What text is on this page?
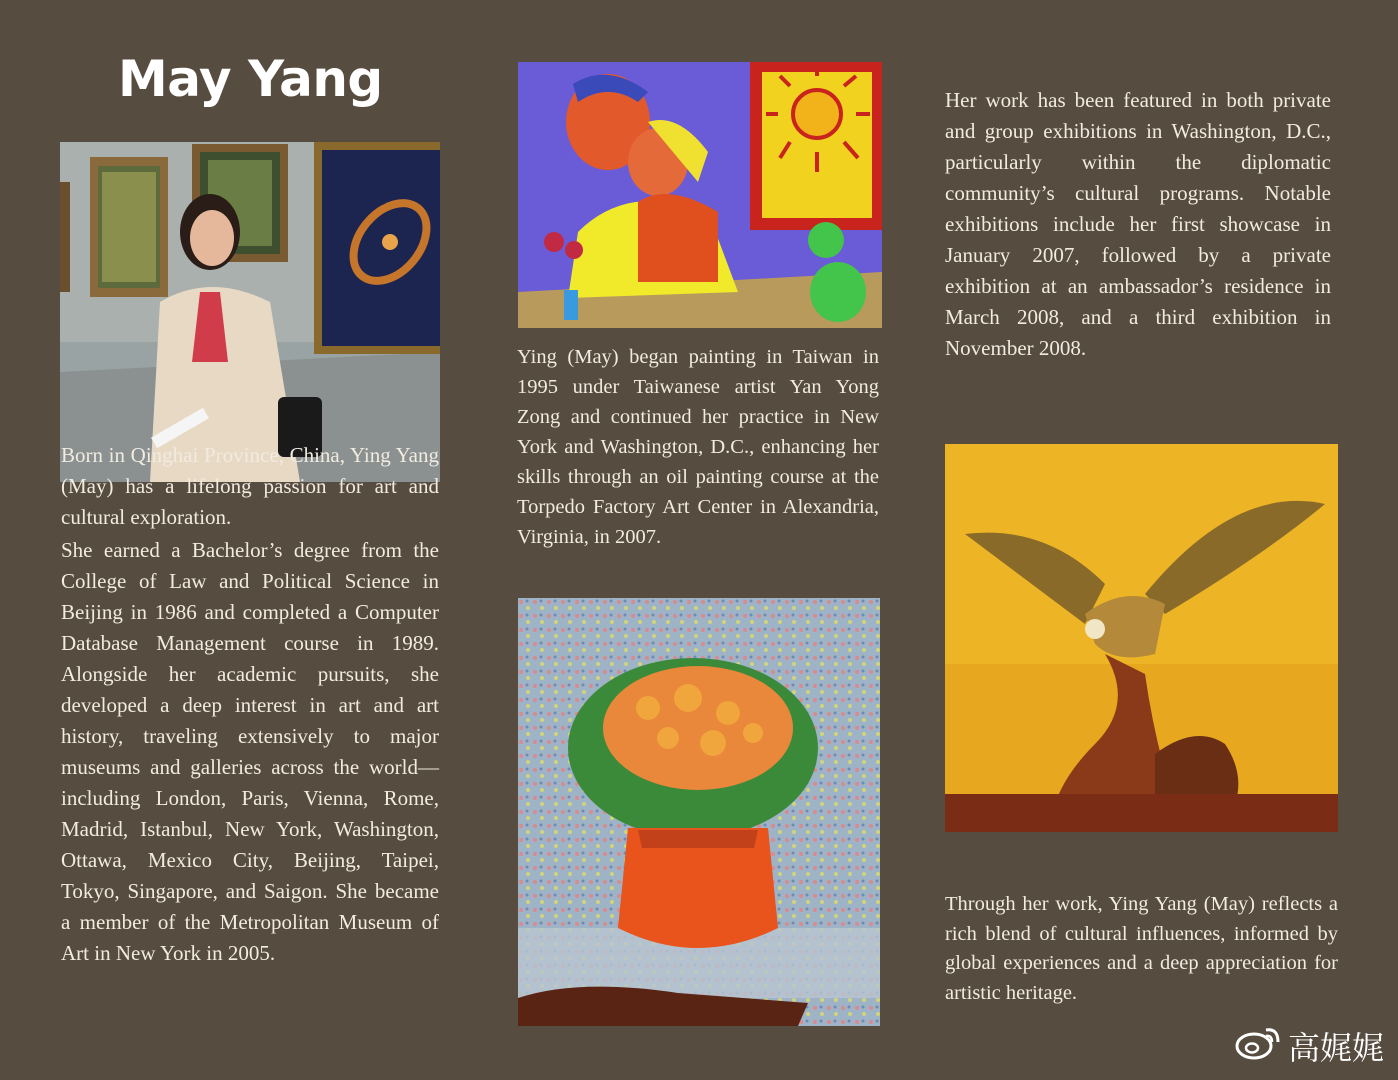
May Yang

Born in Qinghai Province, China, Ying Yang (May) has a lifelong passion for art and cultural exploration.

She earned a Bachelor’s degree from the College of Law and Political Science in Beijing in 1986 and completed a Computer Database Management course in 1989. Alongside her academic pursuits, she developed a deep interest in art and art history, traveling extensively to major museums and galleries across the world—including London, Paris, Vienna, Rome, Madrid, Istanbul, New York, Washington, Ottawa, Mexico City, Beijing, Taipei, Tokyo, Singapore, and Saigon. She became a member of the Metropolitan Museum of Art in New York in 2005.

Ying (May) began painting in Taiwan in 1995 under Taiwanese artist Yan Yong Zong and continued her practice in New York and Washington, D.C., enhancing her skills through an oil painting course at the Torpedo Factory Art Center in Alexandria, Virginia, in 2007.

Her work has been featured in both private and group exhibitions in Washington, D.C., particularly within the diplomatic community’s cultural programs. Notable exhibitions include her first showcase in January 2007, followed by a private exhibition at an ambassador’s residence in March 2008, and a third exhibition in November 2008.

Through her work, Ying Yang (May) reflects a rich blend of cultural influences, informed by global experiences and a deep appreciation for artistic heritage.

高娓娓
